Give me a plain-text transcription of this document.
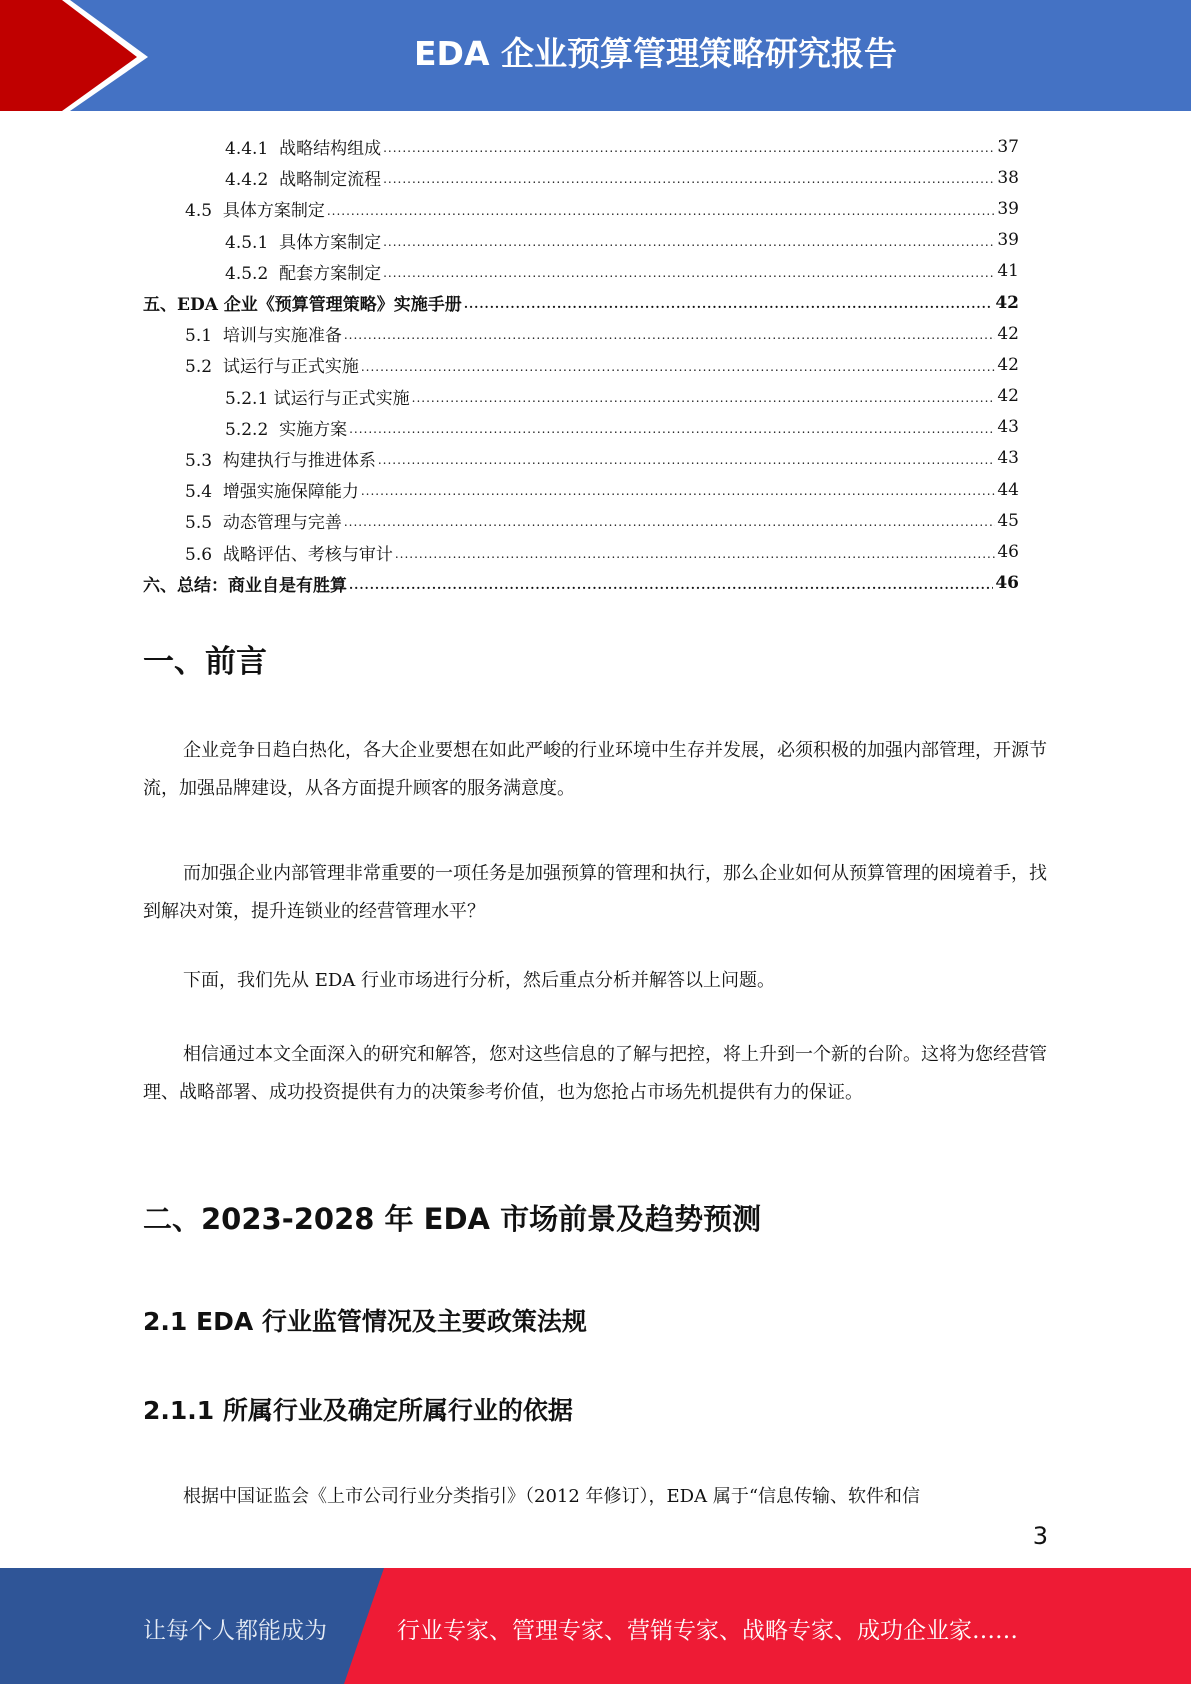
EDA 企业预算管理策略研究报告
4.4.1  战略结构组成 .....	37
4.4.2  战略制定流程 .....	38
4.5  具体方案制定 .....	39
4.5.1  具体方案制定 .....	39
4.5.2  配套方案制定 .....	41
五、EDA 企业《预算管理策略》实施手册 .....	42
5.1  培训与实施准备 .....	42
5.2  试运行与正式实施 .....	42
5.2.1 试运行与正式实施 .....	42
5.2.2  实施方案 .....	43
5.3  构建执行与推进体系 .....	43
5.4  增强实施保障能力 .....	44
5.5  动态管理与完善 .....	45
5.6  战略评估、考核与审计 .....	46
六、总结：商业自是有胜算 .....	46
一、前言

企业竞争日趋白热化，各大企业要想在如此严峻的行业环境中生存并发展，必须积极的加强内部管理，开源节流，加强品牌建设，从各方面提升顾客的服务满意度。

而加强企业内部管理非常重要的一项任务是加强预算的管理和执行，那么企业如何从预算管理的困境着手，找到解决对策，提升连锁业的经营管理水平？

下面，我们先从 EDA 行业市场进行分析，然后重点分析并解答以上问题。

相信通过本文全面深入的研究和解答，您对这些信息的了解与把控，将上升到一个新的台阶。这将为您经营管理、战略部署、成功投资提供有力的决策参考价值，也为您抢占市场先机提供有力的保证。

二、2023-2028 年 EDA 市场前景及趋势预测
2.1 EDA 行业监管情况及主要政策法规
2.1.1 所属行业及确定所属行业的依据

根据中国证监会《上市公司行业分类指引》（2012 年修订），EDA 属于“信息传输、软件和信

3
让每个人都能成为	行业专家、管理专家、营销专家、战略专家、成功企业家……
